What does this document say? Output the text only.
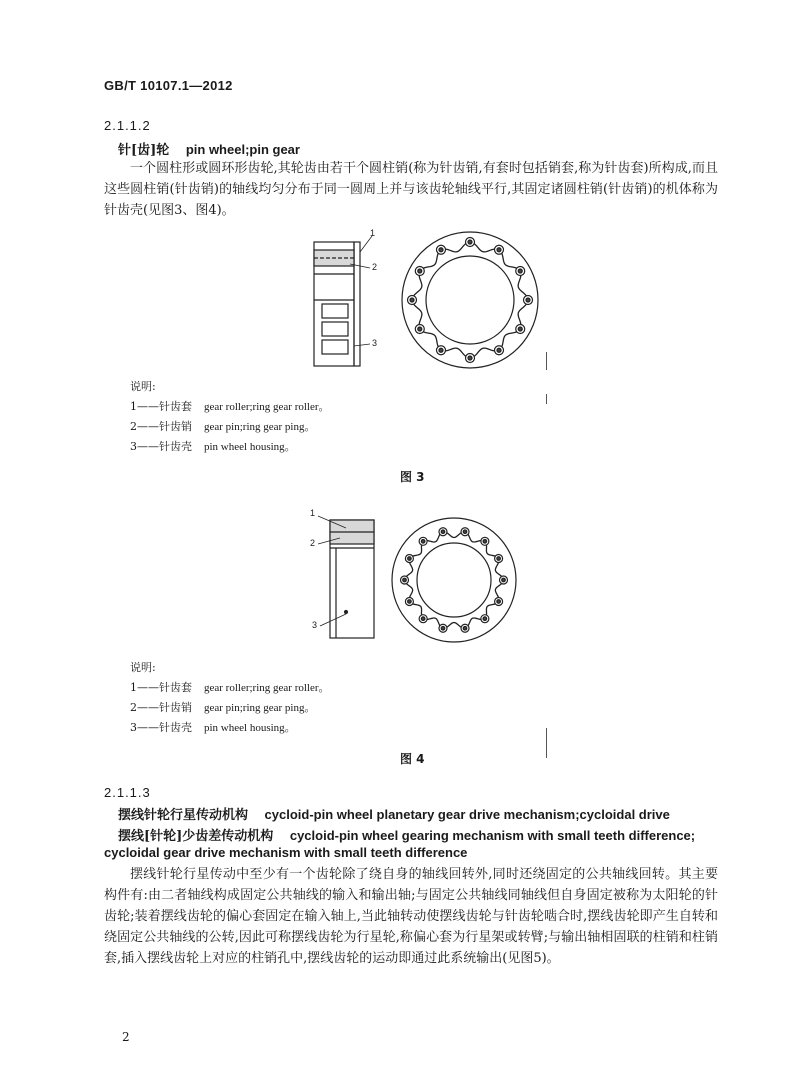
GB/T 10107.1—2012
2.1.1.2
针[齿]轮 pin wheel;pin gear
一个圆柱形或圆环形齿轮,其轮齿由若干个圆柱销(称为针齿销,有套时包括销套,称为针齿套)所构成,而且这些圆柱销(针齿销)的轴线均匀分布于同一圆周上并与该齿轮轴线平行,其固定诸圆柱销(针齿销)的机体称为针齿壳(见图3、图4)。
1
2
3
说明:
1——针齿套 gear roller;ring gear roller。
2——针齿销 gear pin;ring gear ping。
3——针齿壳 pin wheel housing。
图 3
1
2
3
说明:
1——针齿套 gear roller;ring gear roller。
2——针齿销 gear pin;ring gear ping。
3——针齿壳 pin wheel housing。
图 4
2.1.1.3
摆线针轮行星传动机构 cycloid-pin wheel planetary gear drive mechanism;cycloidal drive
摆线[针轮]少齿差传动机构 cycloid-pin wheel gearing mechanism with small teeth difference;
cycloidal gear drive mechanism with small teeth difference
摆线针轮行星传动中至少有一个齿轮除了绕自身的轴线回转外,同时还绕固定的公共轴线回转。其主要构件有:由二者轴线构成固定公共轴线的输入和输出轴;与固定公共轴线同轴线但自身固定被称为太阳轮的针齿轮;装着摆线齿轮的偏心套固定在输入轴上,当此轴转动使摆线齿轮与针齿轮啮合时,摆线齿轮即产生自转和绕固定公共轴线的公转,因此可称摆线齿轮为行星轮,称偏心套为行星架或转臂;与输出轴相固联的柱销和柱销套,插入摆线齿轮上对应的柱销孔中,摆线齿轮的运动即通过此系统输出(见图5)。
2
